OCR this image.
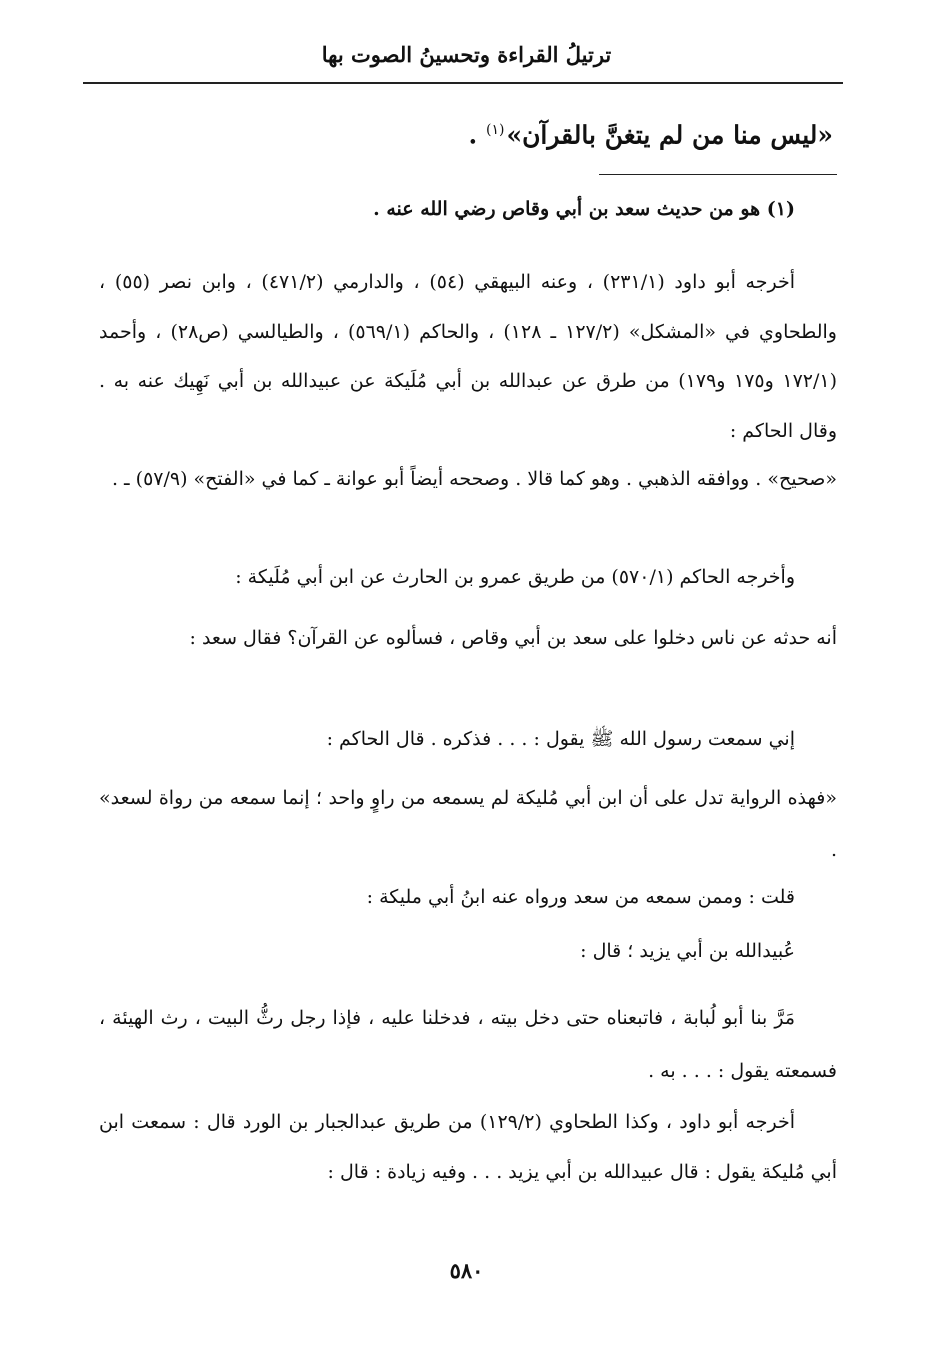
ترتيلُ القراءة وتحسينُ الصوت بها
«ليس منا من لم يتغنَّ بالقرآن»$^{(١)}$ .

(١) هو من حديث سعد بن أبي وقاص رضي الله عنه .

أخرجه أبو داود (٢٣١/١) ، وعنه البيهقي (٥٤) ، والدارمي (٤٧١/٢) ، وابن نصر (٥٥) ، والطحاوي في «المشكل» (١٢٧/٢ ـ ١٢٨) ، والحاكم (٥٦٩/١) ، والطيالسي (ص٢٨) ، وأحمد (١٧٢/١ و١٧٥ و١٧٩) من طرق عن عبدالله بن أبي مُلَيكة عن عبيدالله بن أبي نَهِيك عنه به . وقال الحاكم :

«صحيح» . ووافقه الذهبي . وهو كما قالا . وصححه أيضاً أبو عوانة ـ كما في «الفتح» (٥٧/٩) ـ .

وأخرجه الحاكم (٥٧٠/١) من طريق عمرو بن الحارث عن ابن أبي مُلَيكة :

أنه حدثه عن ناس دخلوا على سعد بن أبي وقاص ، فسألوه عن القرآن؟ فقال سعد :

إني سمعت رسول الله ﷺ يقول : . . . فذكره . قال الحاكم :

«فهذه الرواية تدل على أن ابن أبي مُليكة لم يسمعه من راوٍ واحد ؛ إنما سمعه من رواة لسعد» .

قلت : وممن سمعه من سعد ورواه عنه ابنُ أبي مليكة :

عُبيدالله بن أبي يزيد ؛ قال :

مَرَّ بنا أبو لُبابة ، فاتبعناه حتى دخل بيته ، فدخلنا عليه ، فإذا رجل رثُّ البيت ، رث الهيئة ، فسمعته يقول : . . . به .

أخرجه أبو داود ، وكذا الطحاوي (١٢٩/٢) من طريق عبدالجبار بن الورد قال : سمعت ابن أبي مُليكة يقول : قال عبيدالله بن أبي يزيد . . . وفيه زيادة : قال :

٥٨٠
